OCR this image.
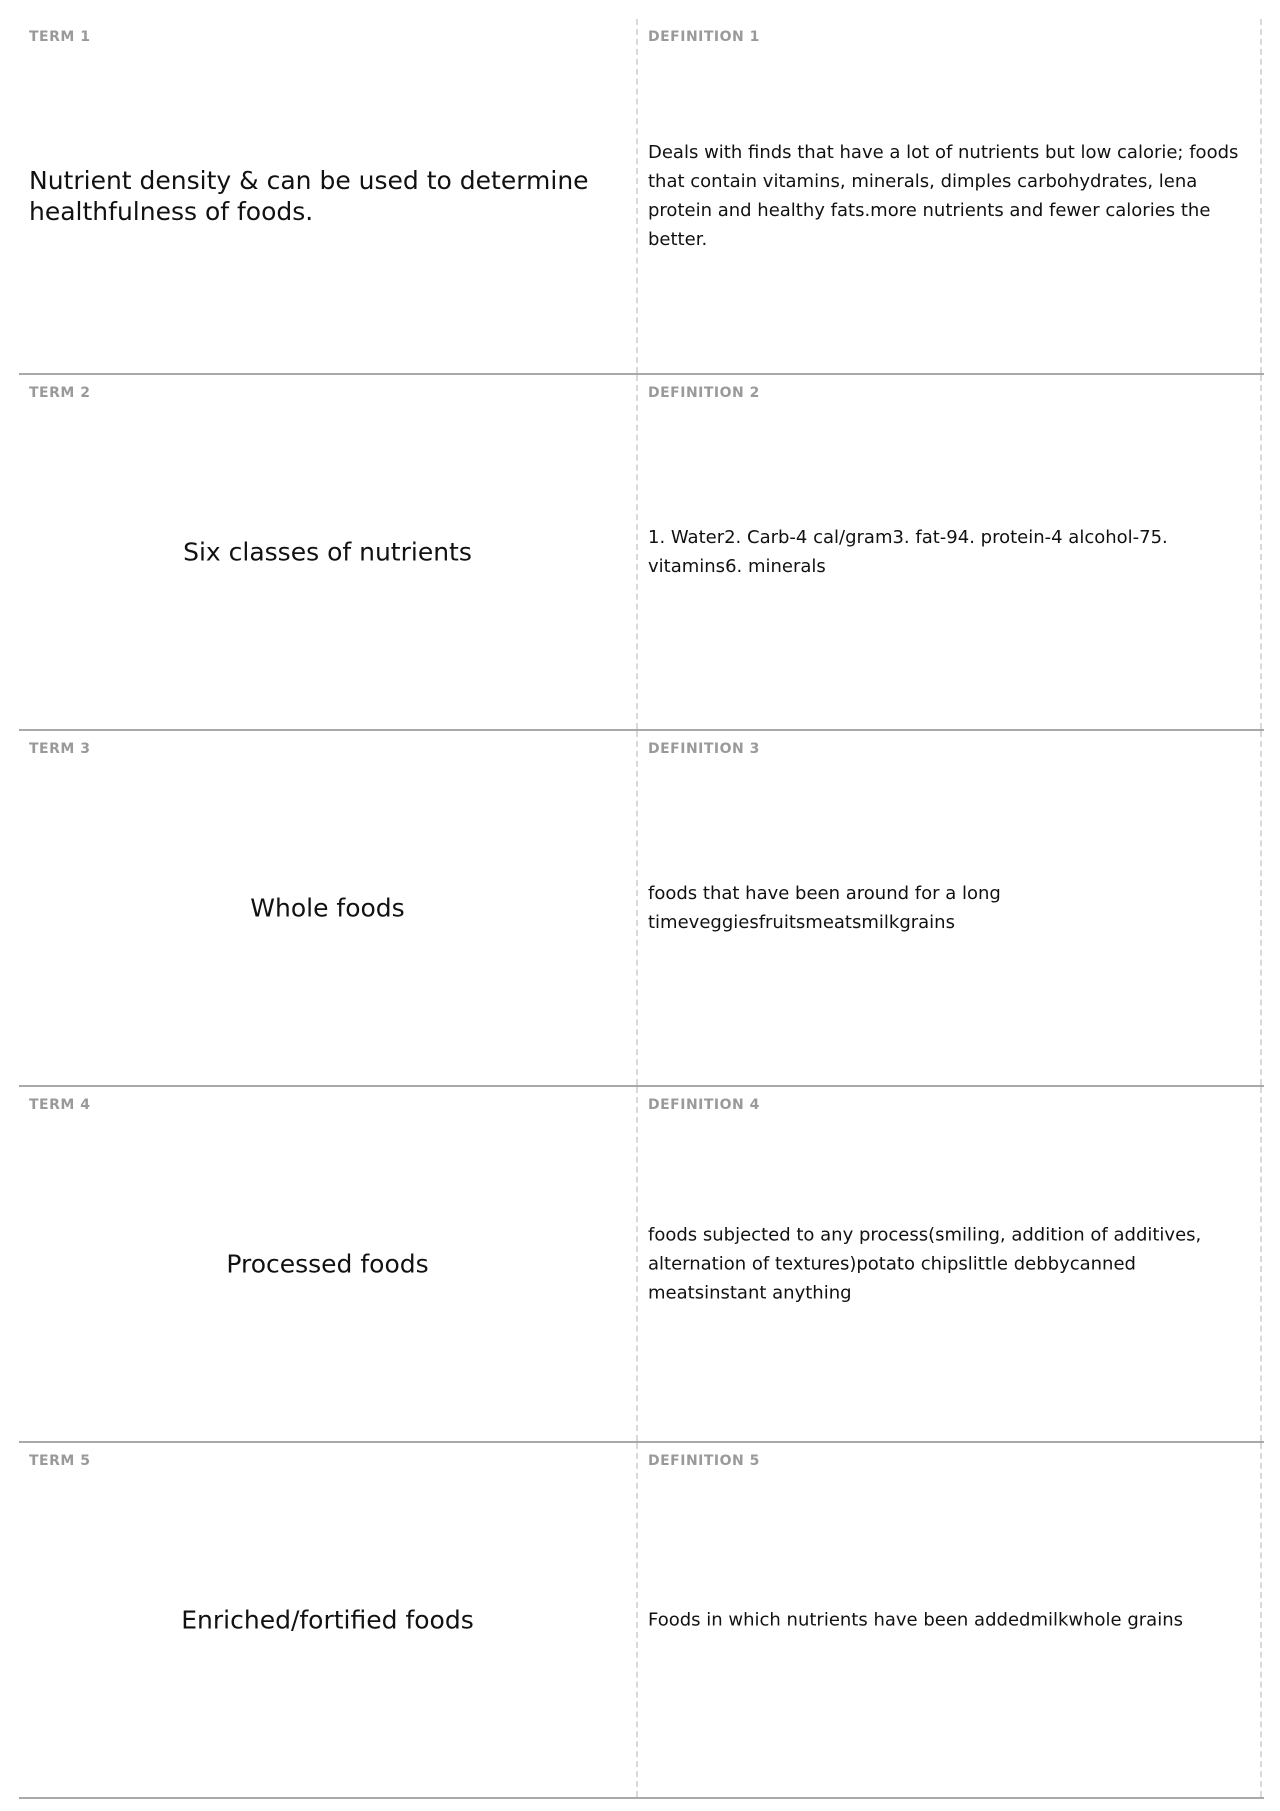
TERM 1
Nutrient density & can be used to determine healthfulness of foods.
DEFINITION 1
Deals with finds that have a lot of nutrients but low calorie; foods that contain vitamins, minerals, dimples carbohydrates, lena protein and healthy fats.more nutrients and fewer calories the better.
TERM 2
Six classes of nutrients
DEFINITION 2
1. Water2. Carb-4 cal/gram3. fat-94. protein-4 alcohol-75. vitamins6. minerals
TERM 3
Whole foods
DEFINITION 3
foods that have been around for a long timeveggiesfruitsmeatsmilkgrains
TERM 4
Processed foods
DEFINITION 4
foods subjected to any process(smiling, addition of additives, alternation of textures)potato chipslittle debbycanned meatsinstant anything
TERM 5
Enriched/fortified foods
DEFINITION 5
Foods in which nutrients have been addedmilkwhole grains
